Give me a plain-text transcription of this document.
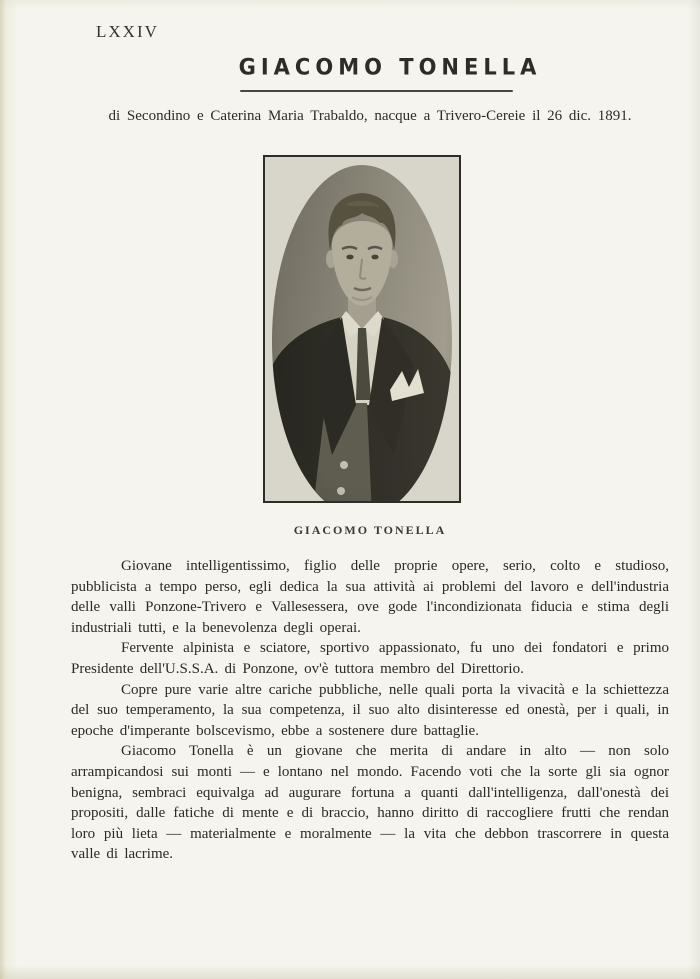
LXXIV
GIACOMO TONELLA
di Secondino e Caterina Maria Trabaldo, nacque a Trivero-Cereie il 26 dic. 1891.
GIACOMO TONELLA

Giovane intelligentissimo, figlio delle proprie opere, serio, colto e studioso, pubblicista a tempo perso, egli dedica la sua attività ai problemi del lavoro e dell'industria delle valli Ponzone-Trivero e Vallesessera, ove gode l'incondizionata fiducia e stima degli industriali tutti, e la benevolenza degli operai.

Fervente alpinista e sciatore, sportivo appassionato, fu uno dei fondatori e primo Presidente dell'U.S.S.A. di Ponzone, ov'è tuttora membro del Direttorio.

Copre pure varie altre cariche pubbliche, nelle quali porta la vivacità e la schiettezza del suo temperamento, la sua competenza, il suo alto disinteresse ed onestà, per i quali, in epoche d'imperante bolscevismo, ebbe a sostenere dure battaglie.

Giacomo Tonella è un giovane che merita di andare in alto — non solo arrampicandosi sui monti — e lontano nel mondo. Facendo voti che la sorte gli sia ognor benigna, sembraci equivalga ad augurare fortuna a quanti dall'intelligenza, dall'onestà dei propositi, dalle fatiche di mente e di braccio, hanno diritto di raccogliere frutti che rendan loro più lieta — materialmente e moralmente — la vita che debbon trascorrere in questa valle di lacrime.
